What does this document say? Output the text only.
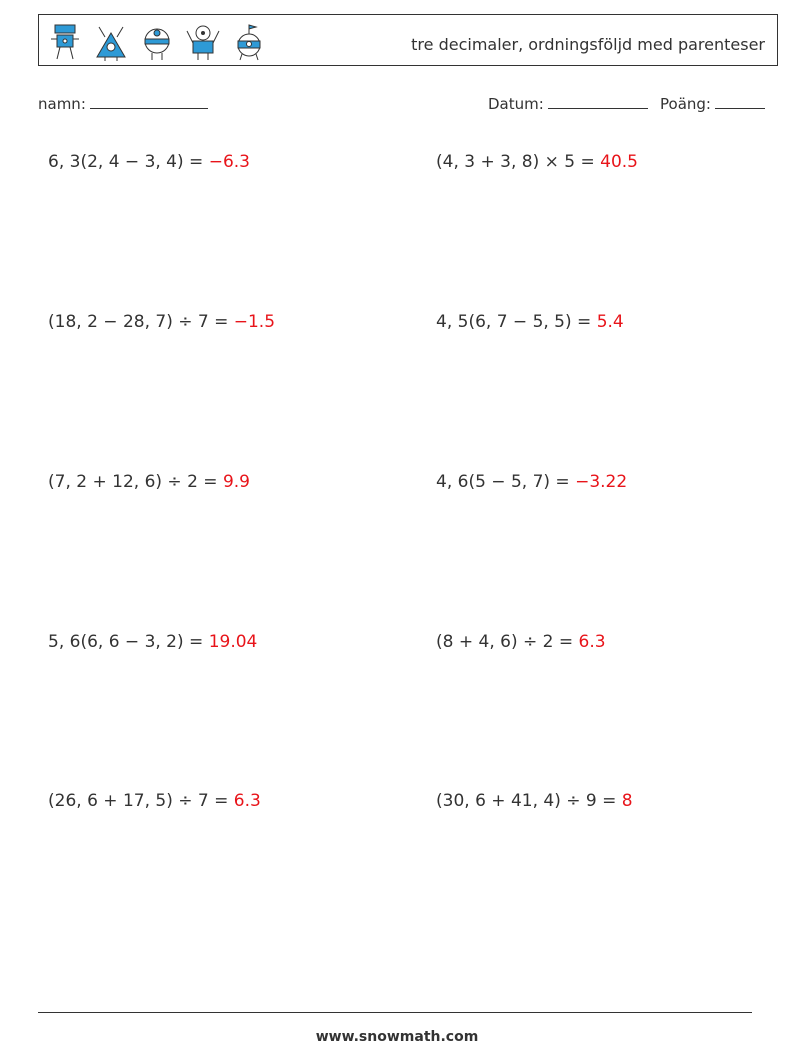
tre decimaler, ordningsföljd med parenteser
namn:	Datum:	Poäng:
6, 3(2, 4 − 3, 4) = −6.3	(4, 3 + 3, 8) × 5 = 40.5
(18, 2 − 28, 7) ÷ 7 = −1.5	4, 5(6, 7 − 5, 5) = 5.4
(7, 2 + 12, 6) ÷ 2 = 9.9	4, 6(5 − 5, 7) = −3.22
5, 6(6, 6 − 3, 2) = 19.04	(8 + 4, 6) ÷ 2 = 6.3
(26, 6 + 17, 5) ÷ 7 = 6.3	(30, 6 + 41, 4) ÷ 9 = 8
www.snowmath.com
